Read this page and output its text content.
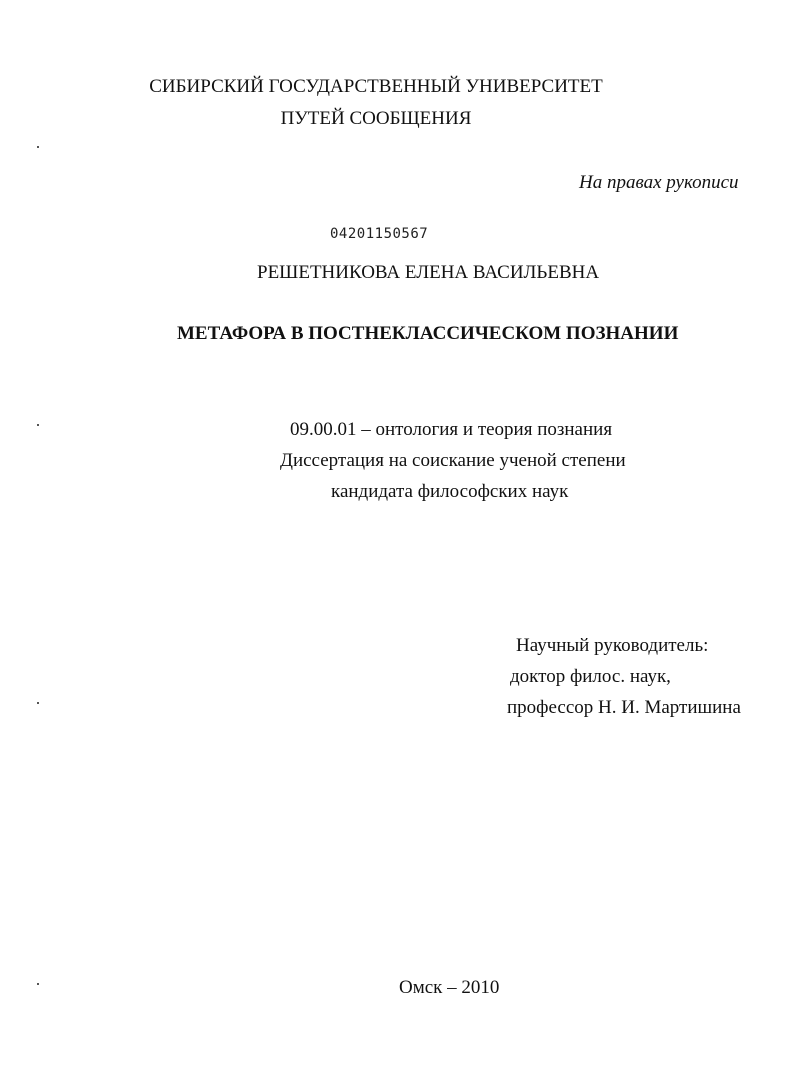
СИБИРСКИЙ ГОСУДАРСТВЕННЫЙ УНИВЕРСИТЕТ
ПУТЕЙ СООБЩЕНИЯ
На правах рукописи
04201150567
РЕШЕТНИКОВА ЕЛЕНА ВАСИЛЬЕВНА
МЕТАФОРА В ПОСТНЕКЛАССИЧЕСКОМ ПОЗНАНИИ
09.00.01 – онтология и теория познания
Диссертация на соискание ученой степени
кандидата философских наук
Научный руководитель:
доктор филос. наук,
профессор Н. И. Мартишина
Омск – 2010
